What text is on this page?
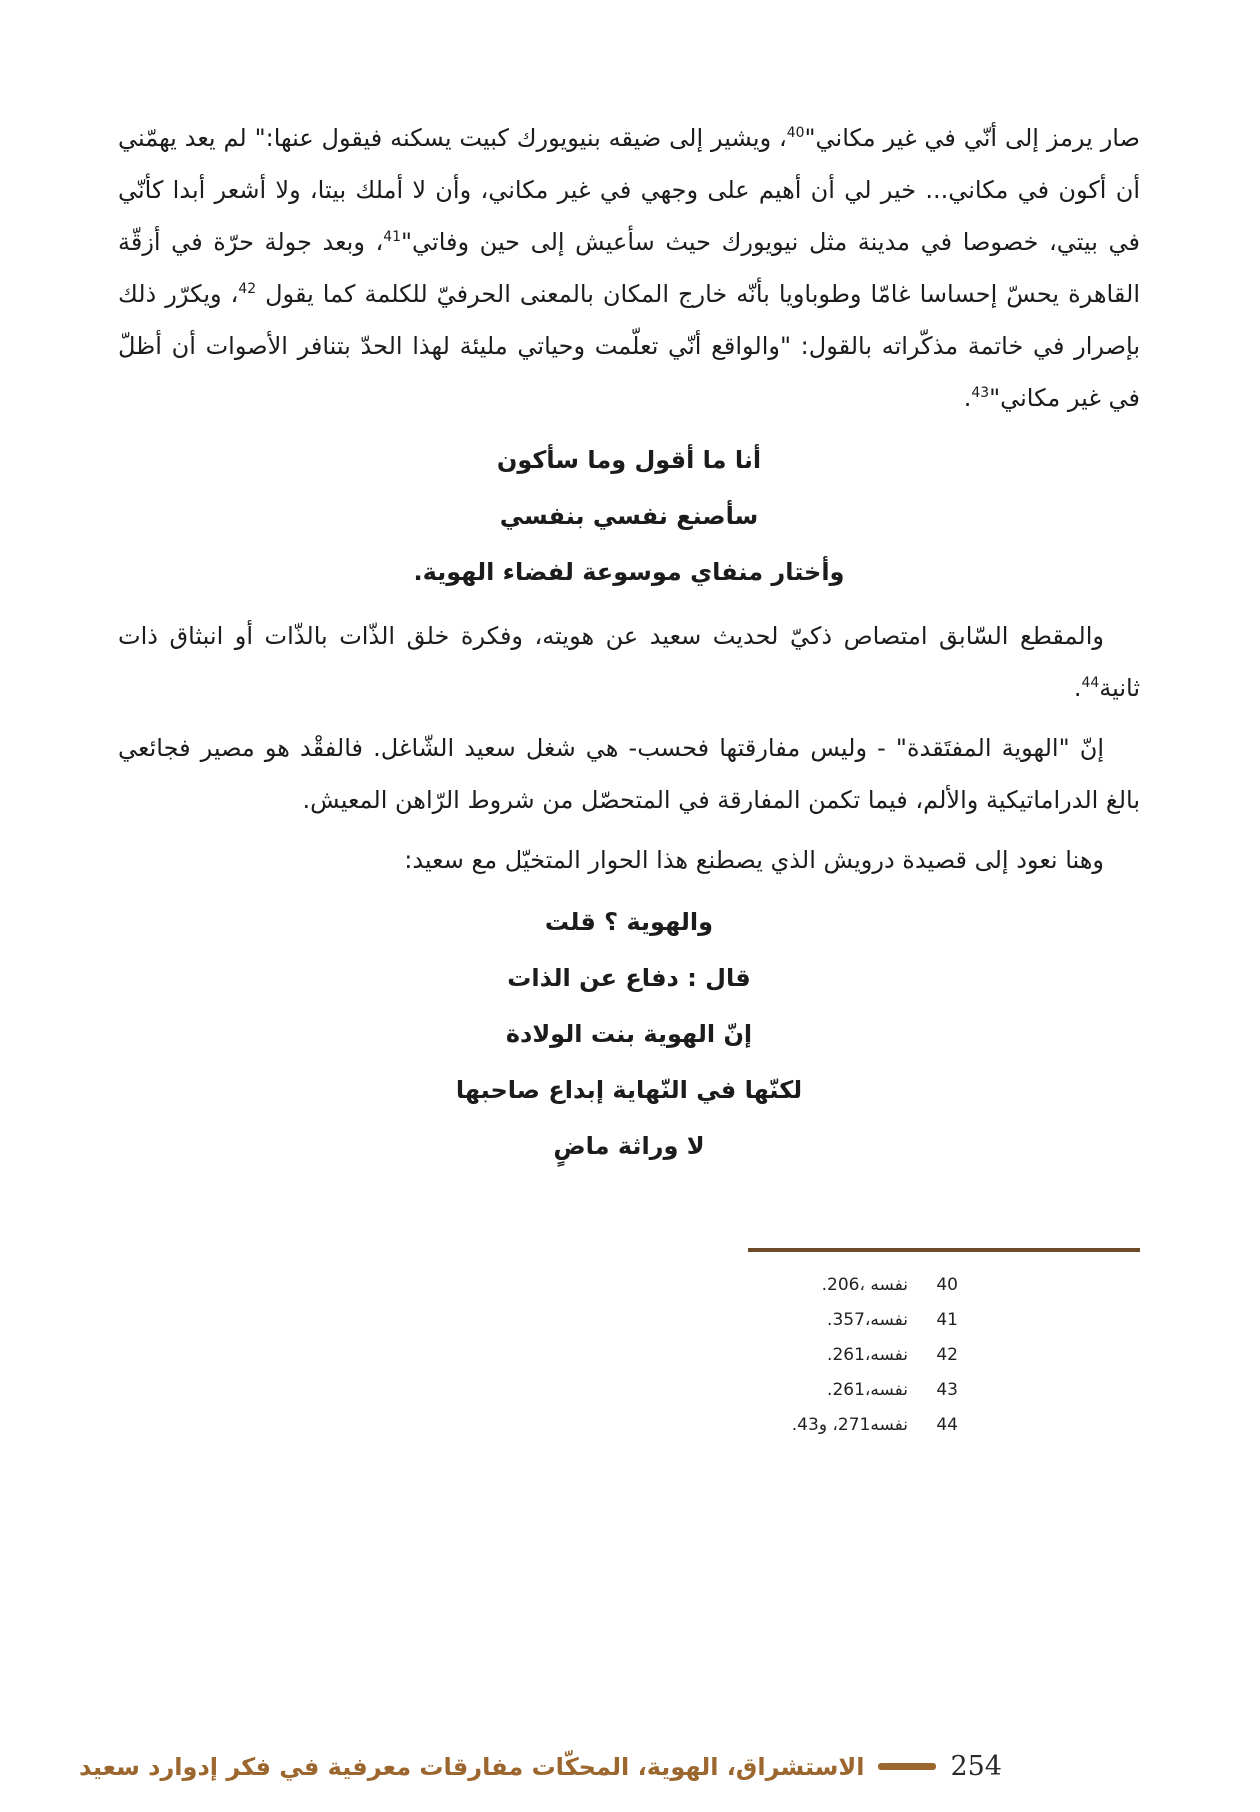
صار يرمز إلى أنّي في غير مكاني"$^{40}$، ويشير إلى ضيقه بنيويورك كبيت يسكنه فيقول عنها:" لم يعد يهمّني أن أكون في مكاني... خير لي أن أهيم على وجهي في غير مكاني، وأن لا أملك بيتا، ولا أشعر أبدا كأنّي في بيتي، خصوصا في مدينة مثل نيويورك حيث سأعيش إلى حين وفاتي"$^{41}$، وبعد جولة حرّة في أزقّة القاهرة يحسّ إحساسا غامّا وطوباويا بأنّه خارج المكان بالمعنى الحرفيّ للكلمة كما يقول $^{42}$، ويكرّر ذلك بإصرار في خاتمة مذكّراته بالقول: "والواقع أنّي تعلّمت وحياتي مليئة لهذا الحدّ بتنافر الأصوات أن أظلّ في غير مكاني"$^{43}$.

أنا ما أقول وما سأكون
سأصنع نفسي بنفسي
وأختار منفاي موسوعة لفضاء الهوية.

والمقطع السّابق امتصاص ذكيّ لحديث سعيد عن هويته، وفكرة خلق الذّات بالذّات أو انبثاق ذات ثانية$^{44}$.

إنّ "الهوية المفتَقدة" - وليس مفارقتها فحسب- هي شغل سعيد الشّاغل. فالفقْد هو مصير فجائعي بالغ الدراماتيكية والألم، فيما تكمن المفارقة في المتحصّل من شروط الرّاهن المعيش.

وهنا نعود إلى قصيدة درويش الذي يصطنع هذا الحوار المتخيّل مع سعيد:

والهوية ؟ قلت
قال : دفاع عن الذات
إنّ الهوية بنت الولادة
لكنّها في النّهاية إبداع صاحبها
لا وراثة ماضٍ
40
نفسه ،206.
41
نفسه،357.
42
نفسه،261.
43
نفسه،261.
44
نفسه271، و43.
254
الاستشراق، الهوية، المحكّات مفارقات معرفية في فكر إدوارد سعيد
